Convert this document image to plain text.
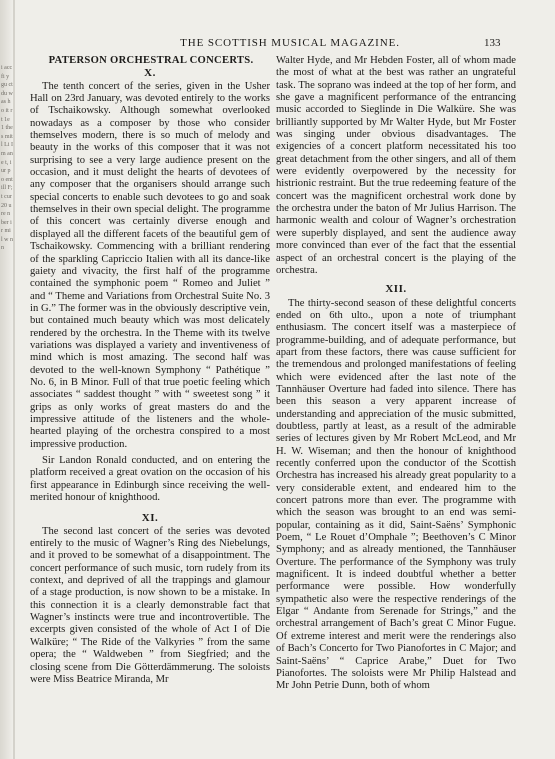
i acc fi y gu ct du was ho it rt 1e 1 the s mit l Li Im ane t, iur po ent ill F; t cur 20 ure n ber ir mi l w nn
THE SCOTTISH MUSICAL MAGAZINE.	133
PATERSON ORCHESTRAL CONCERTS.
X.

The tenth concert of the series, given in the Usher Hall on 23rd January, was devoted entirely to the works of Tschaikowsky. Although somewhat overlooked nowadays as a composer by those who consider themselves modern, there is so much of melody and beauty in the works of this composer that it was not surprising to see a very large audience present on the occasion, and it must delight the hearts of devotees of any composer that the organisers should arrange such special concerts to enable such devotees to go and soak themselves in their own special delight. The programme of this concert was certainly diverse enough and displayed all the different facets of the beautiful gem of Tschaikowsky. Commencing with a brilliant rendering of the sparkling Capriccio Italien with all its dance-like gaiety and vivacity, the first half of the programme contained the symphonic poem “ Romeo and Juliet ” and “ Theme and Variations from Orchestral Suite No. 3 in G.” The former was in the obviously descriptive vein, but contained much beauty which was most delicately rendered by the orchestra. In the Theme with its twelve variations was displayed a variety and inventiveness of mind which is most amazing. The second half was devoted to the well-known Symphony “ Pathétique ” No. 6, in B Minor. Full of that true poetic feeling which associates “ saddest thought ” with “ sweetest song ” it grips as only works of great masters do and the impressive attitude of the listeners and the whole-hearted playing of the orchestra conspired to a most impressive production.

Sir Landon Ronald conducted, and on entering the platform received a great ovation on the occasion of his first appearance in Edinburgh since receiving the well-merited honour of knighthood.

XI.

The second last concert of the series was devoted entirely to the music of Wagner’s Ring des Niebelungs, and it proved to be somewhat of a disappointment. The concert performance of such music, torn rudely from its context, and deprived of all the trappings and glamour of a stage production, is now shown to be a mistake. In this connection it is a clearly demonstrable fact that Wagner’s instincts were true and incontrovertible. The excerpts given consisted of the whole of Act I of Die Walküre; “ The Ride of the Valkyries ” from the same opera; the “ Waldweben ” from Siegfried; and the closing scene from Die Götterdämmerung. The soloists were Miss Beatrice Miranda, Mr

Walter Hyde, and Mr Hebden Foster, all of whom made the most of what at the best was rather an ungrateful task. The soprano was indeed at the top of her form, and she gave a magnificent performance of the entrancing music accorded to Sieglinde in Die Walküre. She was brilliantly supported by Mr Walter Hyde, but Mr Foster was singing under obvious disadvantages. The exigencies of a concert platform necessitated his too great detachment from the other singers, and all of them were evidently overpowered by the necessity for histrionic restraint. But the true redeeming feature of the concert was the magnificent orchestral work done by the orchestra under the baton of Mr Julius Harrison. The harmonic wealth and colour of Wagner’s orchestration were superbly displayed, and sent the audience away more convinced than ever of the fact that the essential aspect of an orchestral concert is the playing of the orchestra.

XII.

The thirty-second season of these delightful concerts ended on 6th ulto., upon a note of triumphant enthusiasm. The concert itself was a masterpiece of programme-building, and of adequate performance, but apart from these factors, there was cause sufficient for the tremendous and prolonged manifestations of feeling which were evidenced after the last note of the Tannhäuser Overture had faded into silence. There has been this season a very apparent increase of understanding and appreciation of the music submitted, doubtless, partly at least, as a result of the admirable series of lectures given by Mr Robert McLeod, and Mr H. W. Wiseman; and then the honour of knighthood recently conferred upon the conductor of the Scottish Orchestra has increased his already great popularity to a very considerable extent, and endeared him to the concert patrons more than ever. The programme with which the season was brought to an end was semi-popular, containing as it did, Saint-Saëns’ Symphonic Poem, “ Le Rouet d’Omphale ”; Beethoven’s C Minor Symphony; and as already mentioned, the Tannhäuser Overture. The performance of the Symphony was truly magnificent. It is indeed doubtful whether a better performance were possible. How wonderfully sympathetic also were the respective renderings of the Elgar “ Andante from Serenade for Strings,” and the orchestral arrangement of Bach’s great C Minor Fugue. Of extreme interest and merit were the renderings also of Bach’s Concerto for Two Pianofortes in C Major; and Saint-Saëns’ “ Caprice Arabe,” Duet for Two Pianofortes. The soloists were Mr Philip Halstead and Mr John Petrie Dunn, both of whom
